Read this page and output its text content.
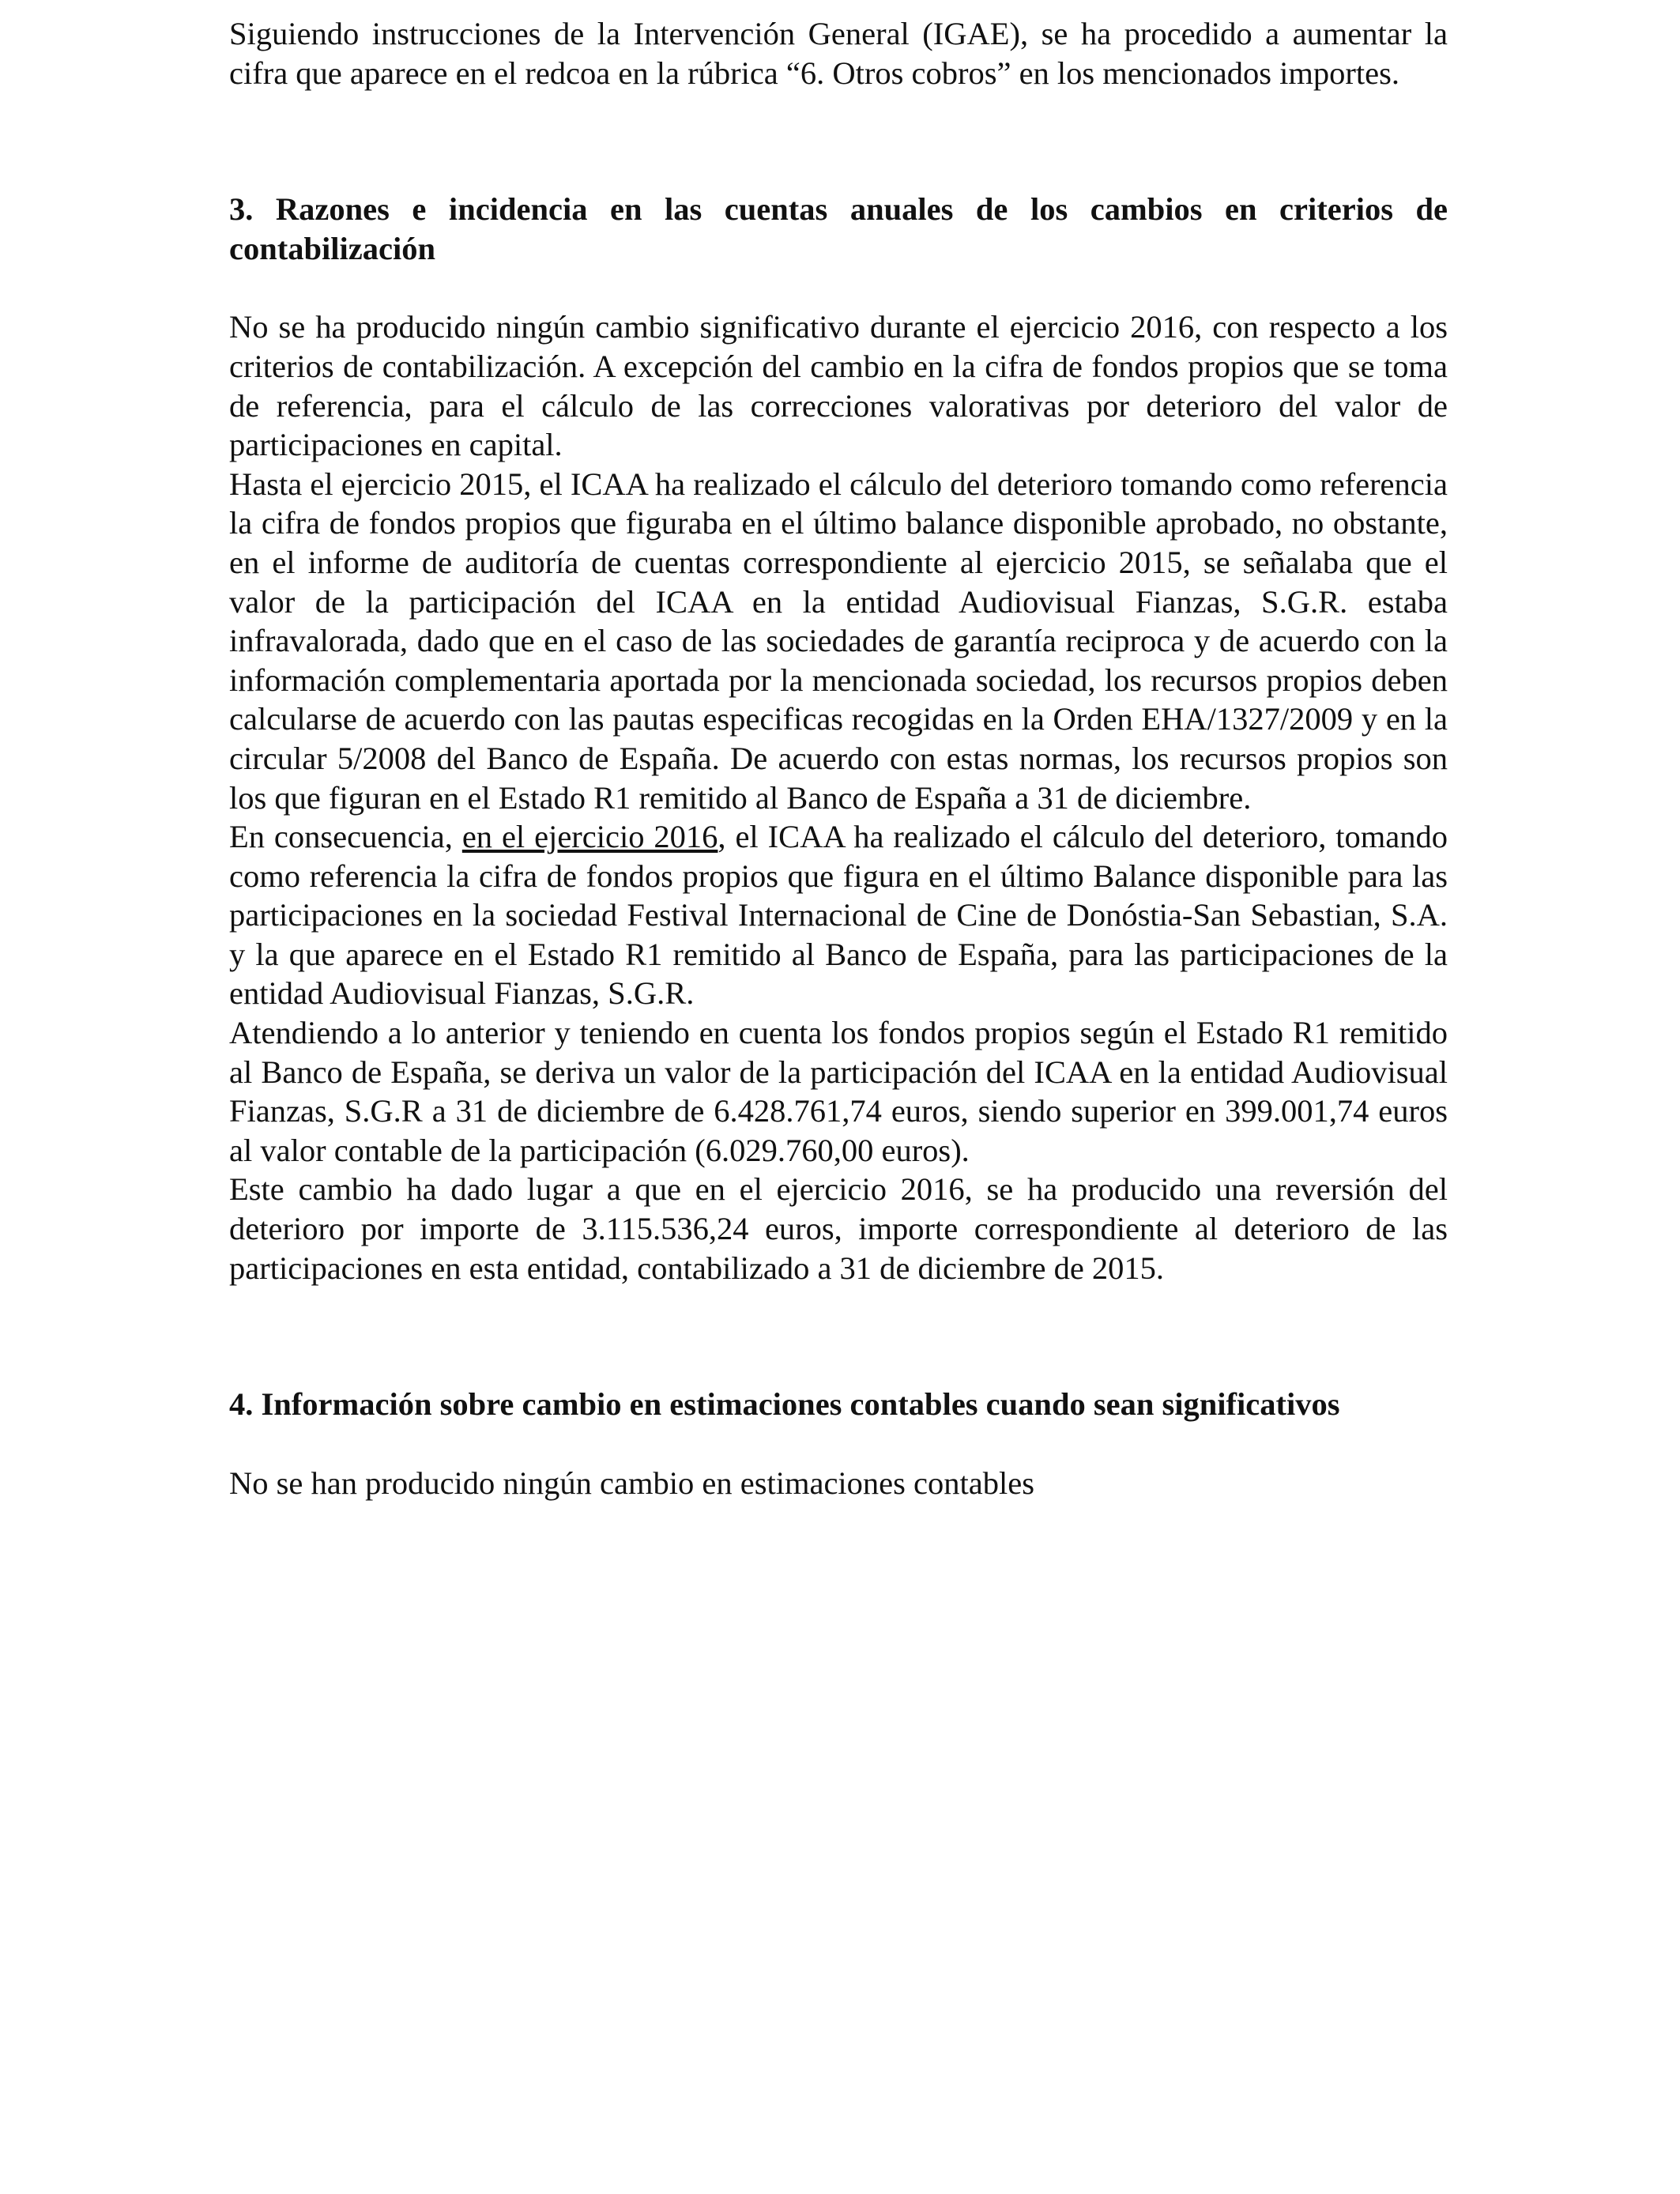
Siguiendo instrucciones de la Intervención General (IGAE), se ha procedido a aumentar la cifra que aparece en el redcoa en la rúbrica “6. Otros cobros” en los mencionados importes.

3. Razones e incidencia en las cuentas anuales de los cambios en criterios de contabilización

No se ha producido ningún cambio significativo durante el ejercicio 2016, con respecto a los criterios de contabilización. A excepción del cambio en la cifra de fondos propios que se toma de referencia, para el cálculo de las correcciones valorativas por deterioro del valor de participaciones en capital.

Hasta el ejercicio 2015, el ICAA ha realizado el cálculo del deterioro tomando como referencia la cifra de fondos propios que figuraba en el último balance disponible aprobado, no obstante, en el informe de auditoría de cuentas correspondiente al ejercicio 2015, se señalaba que el valor de la participación del ICAA en la entidad Audiovisual Fianzas, S.G.R. estaba infravalorada, dado que en el caso de las sociedades de garantía reciproca y de acuerdo con la información complementaria aportada por la mencionada sociedad, los recursos propios deben calcularse de acuerdo con las pautas especificas recogidas en la Orden EHA/1327/2009 y en la circular 5/2008 del Banco de España. De acuerdo con estas normas, los recursos propios son los que figuran en el Estado R1 remitido al Banco de España a 31 de diciembre.

En consecuencia, en el ejercicio 2016, el ICAA ha realizado el cálculo del deterioro, tomando como referencia la cifra de fondos propios que figura en el último Balance disponible para las participaciones en la sociedad Festival Internacional de Cine de Donóstia-San Sebastian, S.A. y la que aparece en el Estado R1 remitido al Banco de España, para las participaciones de la entidad Audiovisual Fianzas, S.G.R.

Atendiendo a lo anterior y teniendo en cuenta los fondos propios según el Estado R1 remitido al Banco de España, se deriva un valor de la participación del ICAA en la entidad Audiovisual Fianzas, S.G.R a 31 de diciembre de 6.428.761,74 euros, siendo superior en 399.001,74 euros al valor contable de la participación (6.029.760,00 euros).

Este cambio ha dado lugar a que en el ejercicio 2016, se ha producido una reversión del deterioro por importe de 3.115.536,24 euros, importe correspondiente al deterioro de las participaciones en esta entidad, contabilizado a 31 de diciembre de 2015.

4. Información sobre cambio en estimaciones contables cuando sean significativos

No se han producido ningún cambio en estimaciones contables
